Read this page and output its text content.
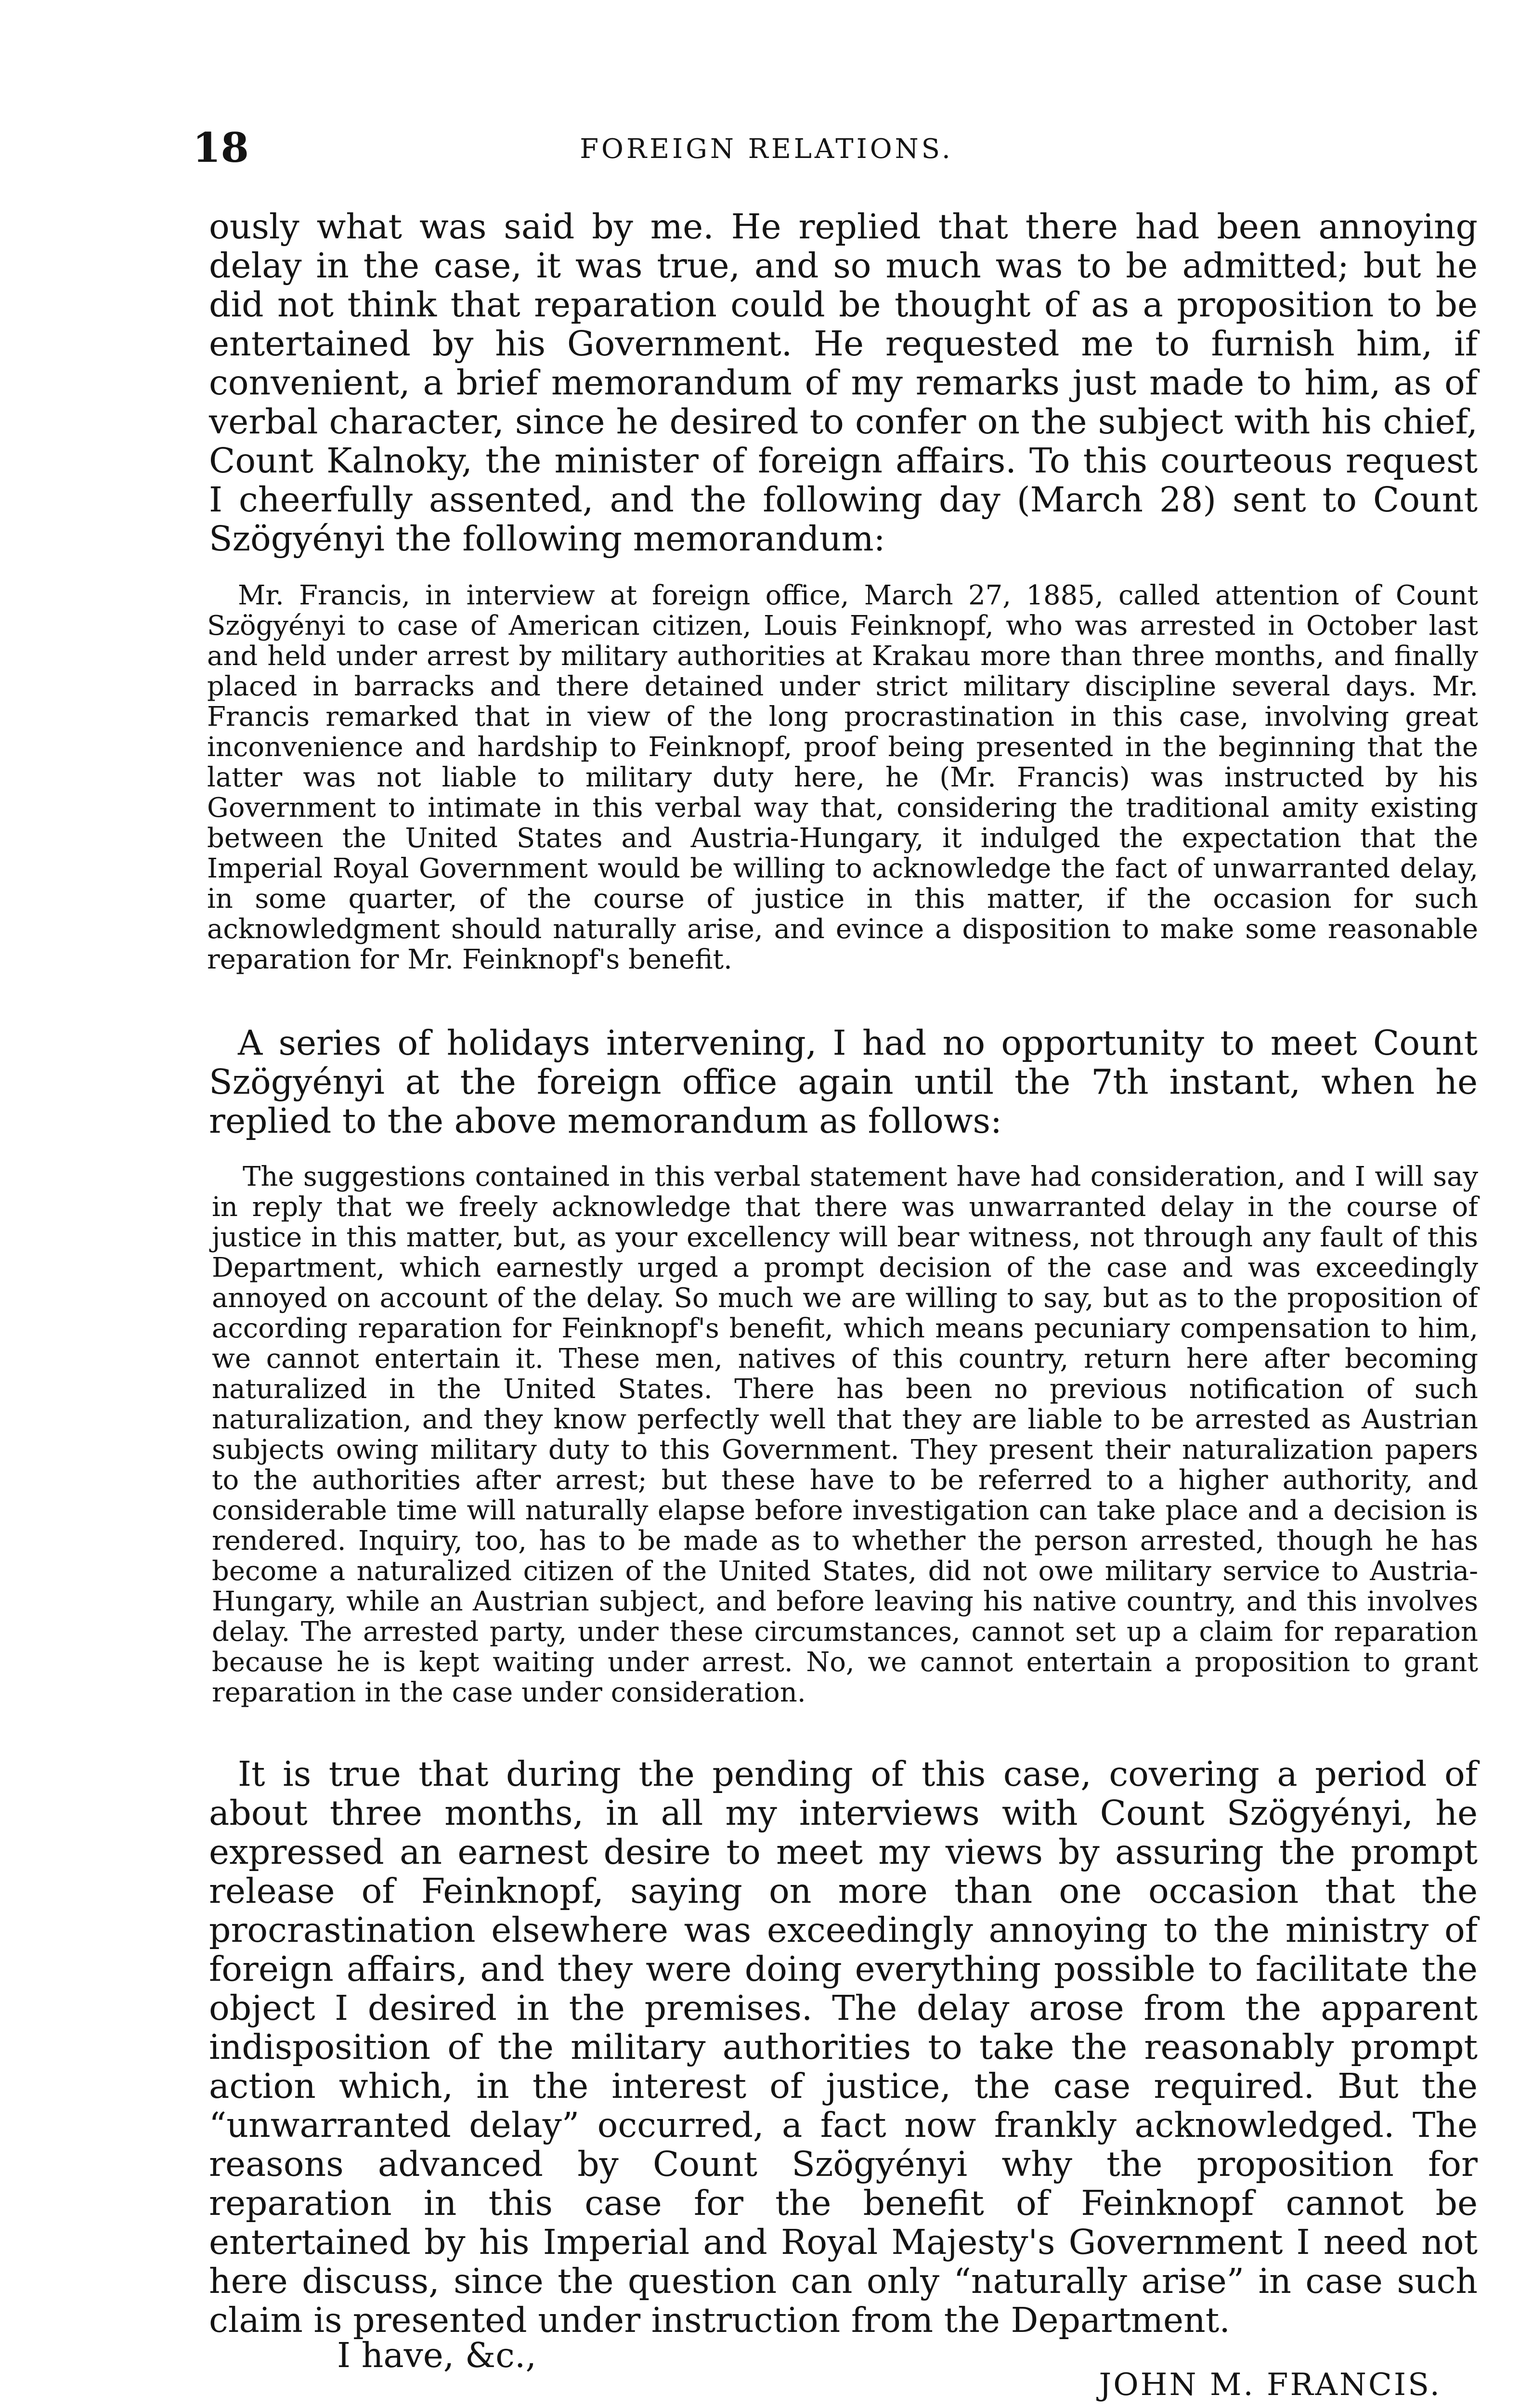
18	FOREIGN RELATIONS.

ously what was said by me. He replied that there had been annoying delay in the case, it was true, and so much was to be admitted; but he did not think that reparation could be thought of as a proposition to be entertained by his Government. He requested me to furnish him, if convenient, a brief memorandum of my remarks just made to him, as of verbal character, since he desired to confer on the subject with his chief, Count Kalnoky, the minister of foreign affairs. To this courteous request I cheerfully assented, and the following day (March 28) sent to Count Szögyényi the following memorandum:

Mr. Francis, in interview at foreign office, March 27, 1885, called attention of Count Szögyényi to case of American citizen, Louis Feinknopf, who was arrested in October last and held under arrest by military authorities at Krakau more than three months, and finally placed in barracks and there detained under strict military discipline several days. Mr. Francis remarked that in view of the long procrastination in this case, involving great inconvenience and hardship to Feinknopf, proof being presented in the beginning that the latter was not liable to military duty here, he (Mr. Francis) was instructed by his Government to intimate in this verbal way that, considering the traditional amity existing between the United States and Austria-Hungary, it indulged the expectation that the Imperial Royal Government would be willing to acknowledge the fact of unwarranted delay, in some quarter, of the course of justice in this matter, if the occasion for such acknowledgment should naturally arise, and evince a disposition to make some reasonable reparation for Mr. Feinknopf's benefit.

A series of holidays intervening, I had no opportunity to meet Count Szögyényi at the foreign office again until the 7th instant, when he replied to the above memorandum as follows:

The suggestions contained in this verbal statement have had consideration, and I will say in reply that we freely acknowledge that there was unwarranted delay in the course of justice in this matter, but, as your excellency will bear witness, not through any fault of this Department, which earnestly urged a prompt decision of the case and was exceedingly annoyed on account of the delay. So much we are willing to say, but as to the proposition of according reparation for Feinknopf's benefit, which means pecuniary compensation to him, we cannot entertain it. These men, natives of this country, return here after becoming naturalized in the United States. There has been no previous notification of such naturalization, and they know perfectly well that they are liable to be arrested as Austrian subjects owing military duty to this Government. They present their naturalization papers to the authorities after arrest; but these have to be referred to a higher authority, and considerable time will naturally elapse before investigation can take place and a decision is rendered. Inquiry, too, has to be made as to whether the person arrested, though he has become a naturalized citizen of the United States, did not owe military service to Austria-Hungary, while an Austrian subject, and before leaving his native country, and this involves delay. The arrested party, under these circumstances, cannot set up a claim for reparation because he is kept waiting under arrest. No, we cannot entertain a proposition to grant reparation in the case under consideration.

It is true that during the pending of this case, covering a period of about three months, in all my interviews with Count Szögyényi, he expressed an earnest desire to meet my views by assuring the prompt release of Feinknopf, saying on more than one occasion that the procrastination elsewhere was exceedingly annoying to the ministry of foreign affairs, and they were doing everything possible to facilitate the object I desired in the premises. The delay arose from the apparent indisposition of the military authorities to take the reasonably prompt action which, in the interest of justice, the case required. But the “unwarranted delay” occurred, a fact now frankly acknowledged. The reasons advanced by Count Szögyényi why the proposition for reparation in this case for the benefit of Feinknopf cannot be entertained by his Imperial and Royal Majesty's Government I need not here discuss, since the question can only “naturally arise” in case such claim is presented under instruction from the Department.

I have, &c.,
JOHN M. FRANCIS.
